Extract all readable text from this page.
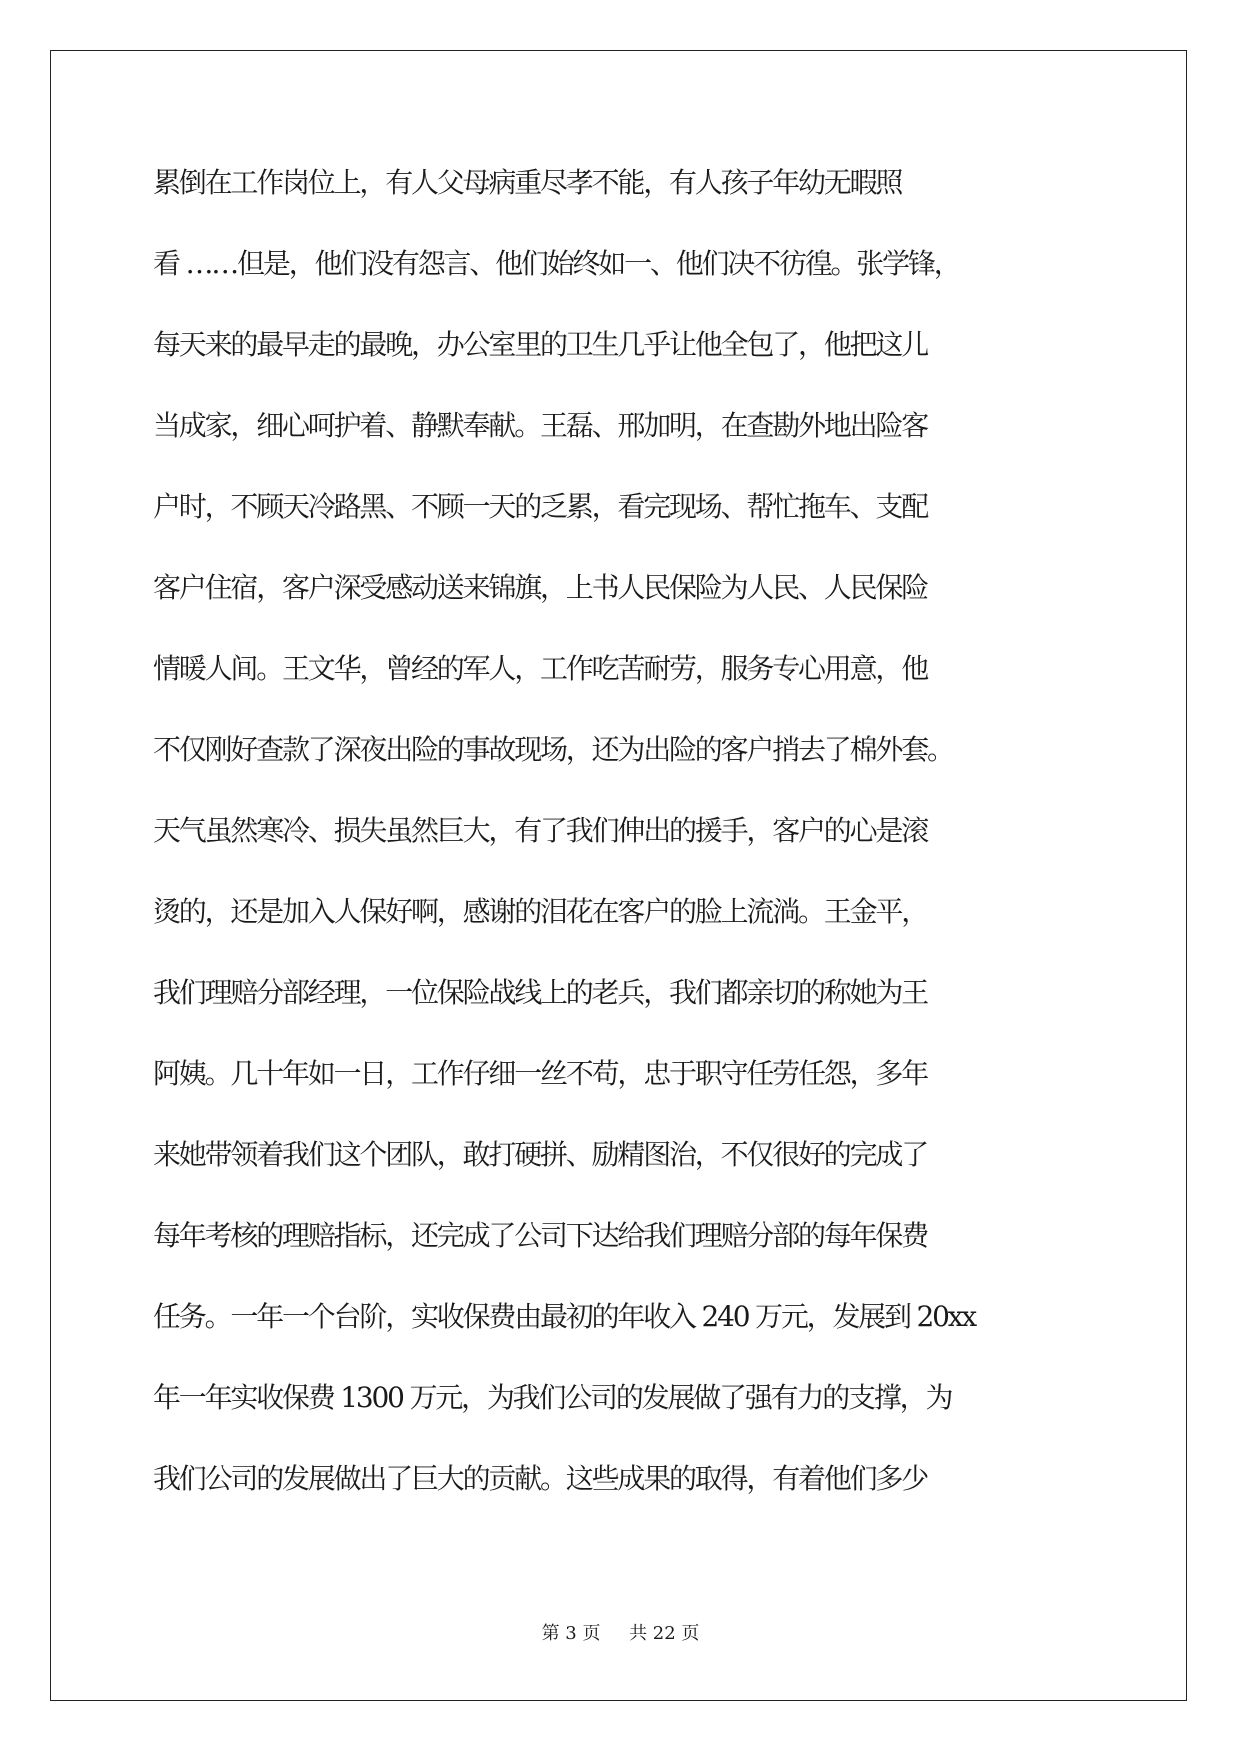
累倒在工作岗位上，有人父母病重尽孝不能，有人孩子年幼无暇照
看 ……但是，他们没有怨言、他们始终如一、他们决不彷徨。张学锋，
每天来的最早走的最晚，办公室里的卫生几乎让他全包了，他把这儿
当成家，细心呵护着、静默奉献。王磊、邢加明，在查勘外地出险客
户时，不顾天冷路黑、不顾一天的乏累，看完现场、帮忙拖车、支配
客户住宿，客户深受感动送来锦旗，上书人民保险为人民、人民保险
情暖人间。王文华，曾经的军人，工作吃苦耐劳，服务专心用意，他
不仅刚好查款了深夜出险的事故现场，还为出险的客户捎去了棉外套。
天气虽然寒冷、损失虽然巨大，有了我们伸出的援手，客户的心是滚
烫的，还是加入人保好啊，感谢的泪花在客户的脸上流淌。王金平，
我们理赔分部经理，一位保险战线上的老兵，我们都亲切的称她为王
阿姨。几十年如一日，工作仔细一丝不苟，忠于职守任劳任怨，多年
来她带领着我们这个团队，敢打硬拼、励精图治，不仅很好的完成了
每年考核的理赔指标，还完成了公司下达给我们理赔分部的每年保费
任务。一年一个台阶，实收保费由最初的年收入 240 万元，发展到 20xx
年一年实收保费 1300 万元，为我们公司的发展做了强有力的支撑，为
我们公司的发展做出了巨大的贡献。这些成果的取得，有着他们多少
第 3 页 共 22 页
